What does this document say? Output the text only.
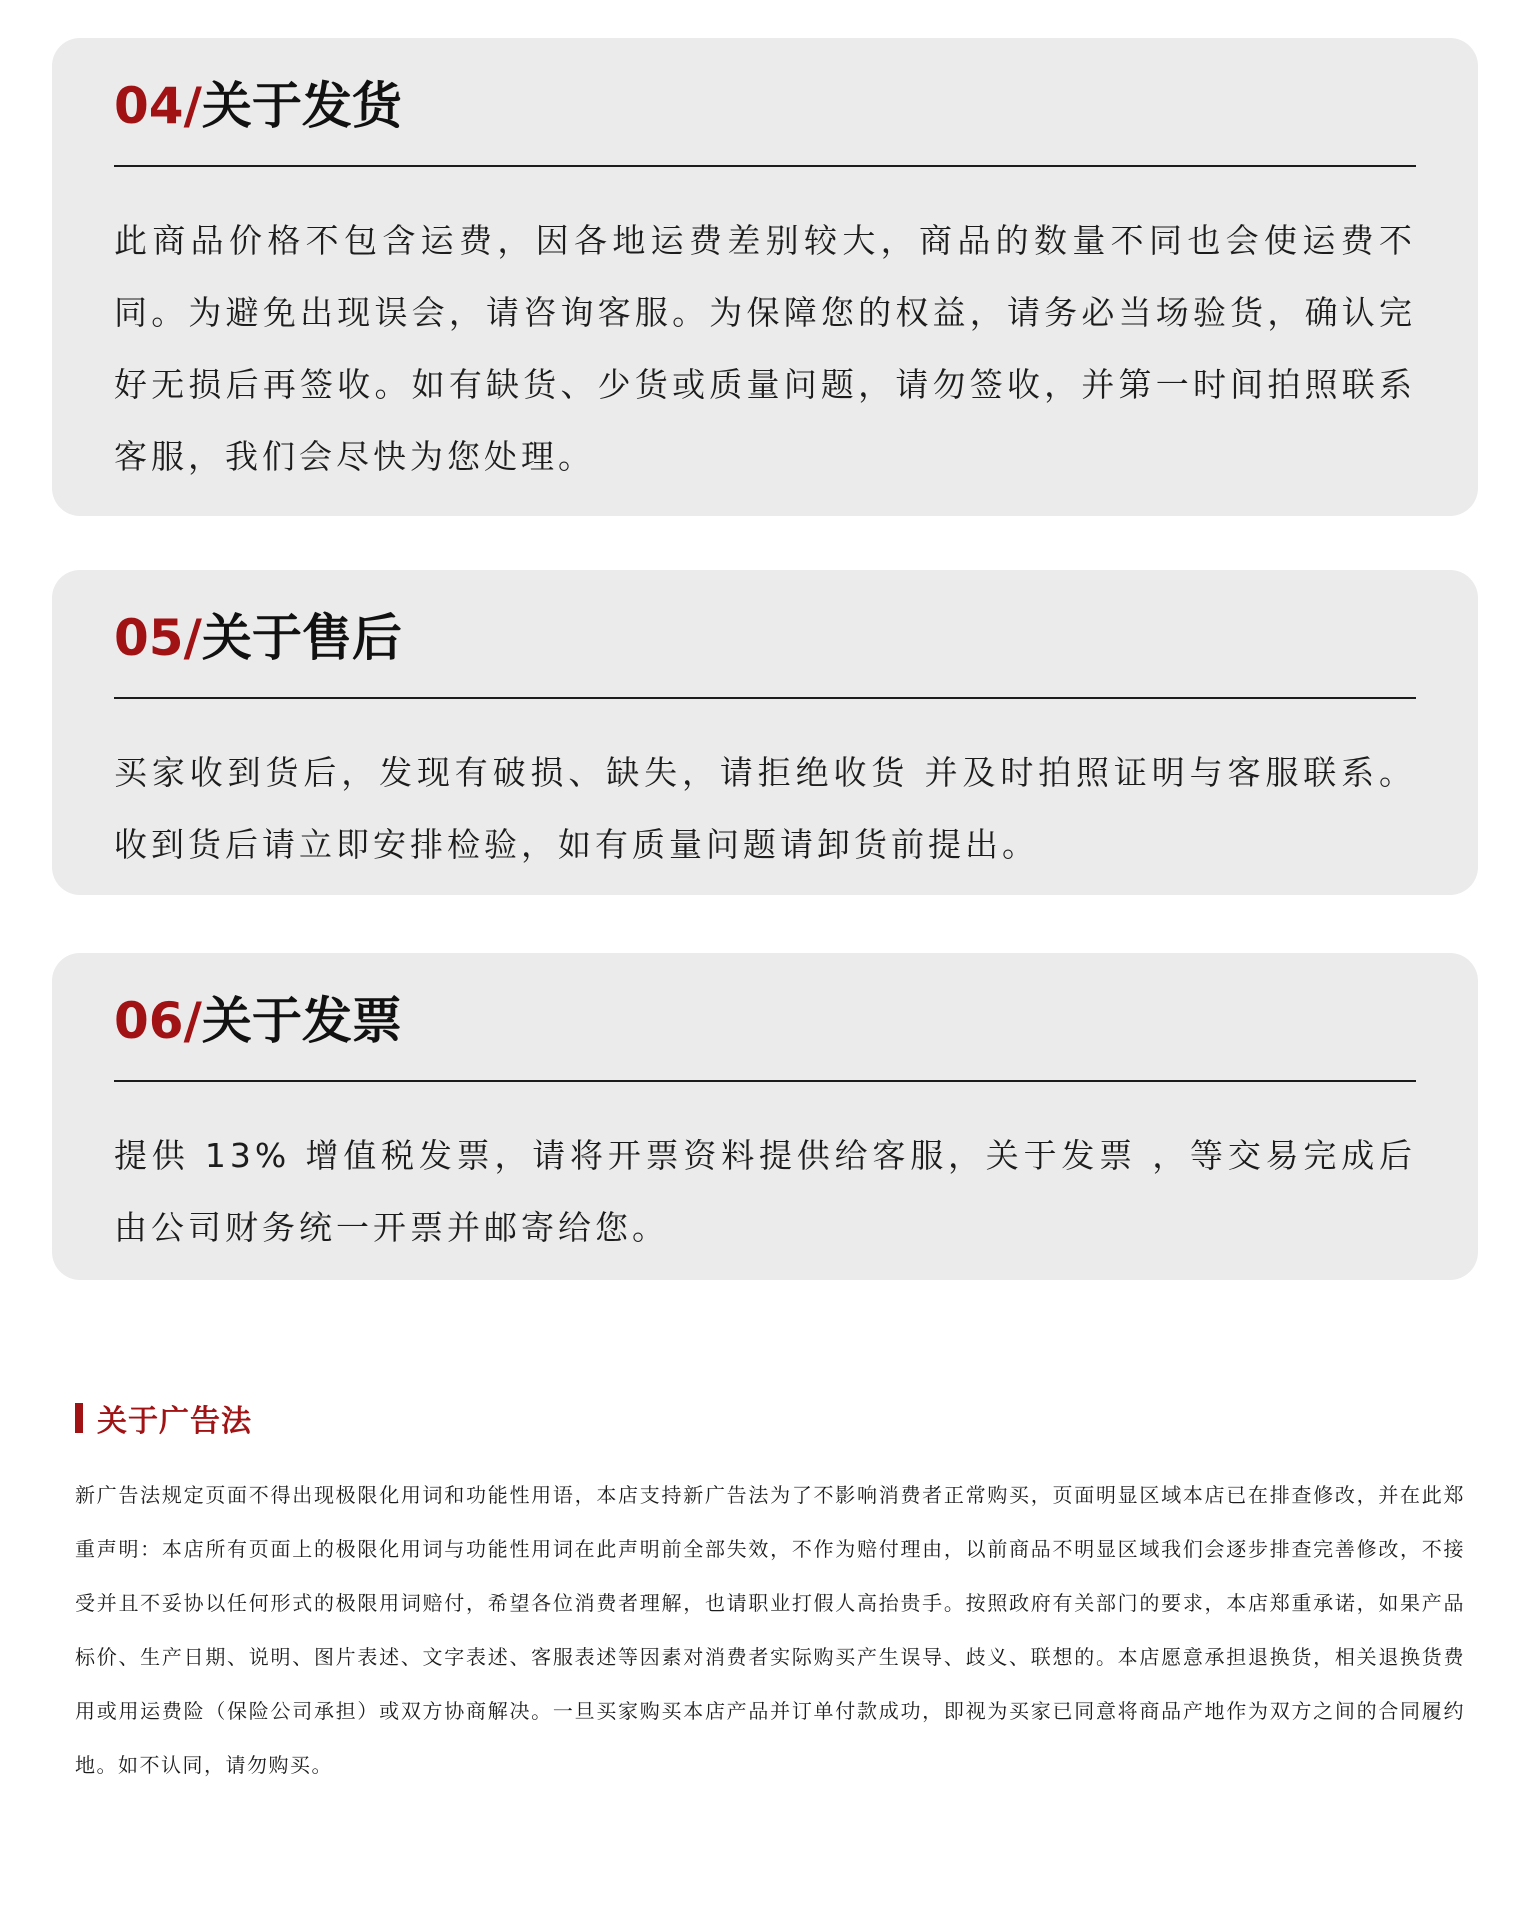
04/关于发货

此商品价格不包含运费，因各地运费差别较大，商品的数量不同也会使运费不同。为避免出现误会，请咨询客服。为保障您的权益，请务必当场验货，确认完好无损后再签收。如有缺货、少货或质量问题，请勿签收，并第一时间拍照联系客服，我们会尽快为您处理。

05/关于售后

买家收到货后，发现有破损、缺失，请拒绝收货 并及时拍照证明与客服联系。收到货后请立即安排检验，如有质量问题请卸货前提出。

06/关于发票

提供 13% 增值税发票，请将开票资料提供给客服，关于发票 ，等交易完成后由公司财务统一开票并邮寄给您。

关于广告法

新广告法规定页面不得出现极限化用词和功能性用语，本店支持新广告法为了不影响消费者正常购买，页面明显区域本店已在排查修改，并在此郑重声明：本店所有页面上的极限化用词与功能性用词在此声明前全部失效，不作为赔付理由，以前商品不明显区域我们会逐步排查完善修改，不接受并且不妥协以任何形式的极限用词赔付，希望各位消费者理解，也请职业打假人高抬贵手。按照政府有关部门的要求，本店郑重承诺，如果产品标价、生产日期、说明、图片表述、文字表述、客服表述等因素对消费者实际购买产生误导、歧义、联想的。本店愿意承担退换货，相关退换货费用或用运费险（保险公司承担）或双方协商解决。一旦买家购买本店产品并订单付款成功，即视为买家已同意将商品产地作为双方之间的合同履约地。如不认同，请勿购买。
